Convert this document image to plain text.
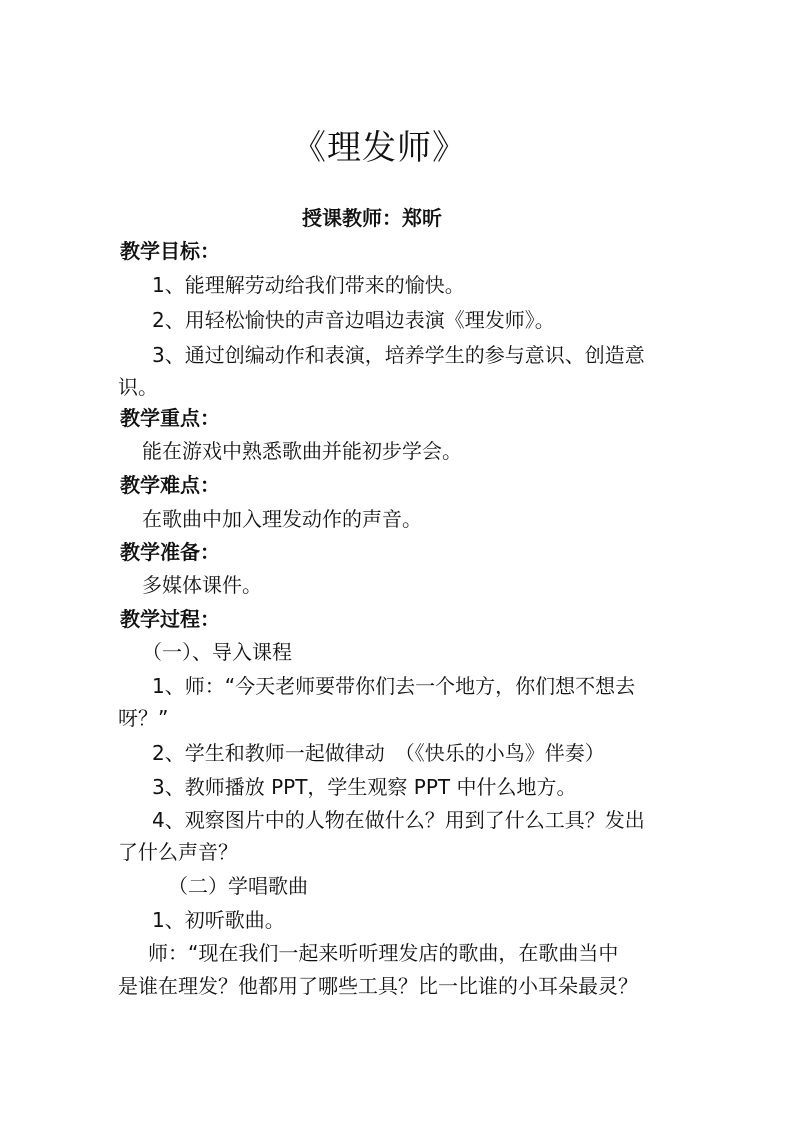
《理发师》
授课教师：郑昕
教学目标：
1、能理解劳动给我们带来的愉快。
2、用轻松愉快的声音边唱边表演《理发师》。
3、通过创编动作和表演，培养学生的参与意识、创造意
识。
教学重点：
能在游戏中熟悉歌曲并能初步学会。
教学难点：
在歌曲中加入理发动作的声音。
教学准备：
多媒体课件。
教学过程：
（一）、导入课程
1、师：“今天老师要带你们去一个地方，你们想不想去
呀？”
2、学生和教师一起做律动　（《快乐的小鸟》伴奏）
3、教师播放 PPT，学生观察 PPT 中什么地方。
4、观察图片中的人物在做什么？用到了什么工具？发出
了什么声音？
（二）学唱歌曲
1、初听歌曲。
师：“现在我们一起来听听理发店的歌曲，在歌曲当中
是谁在理发？他都用了哪些工具？比一比谁的小耳朵最灵？
